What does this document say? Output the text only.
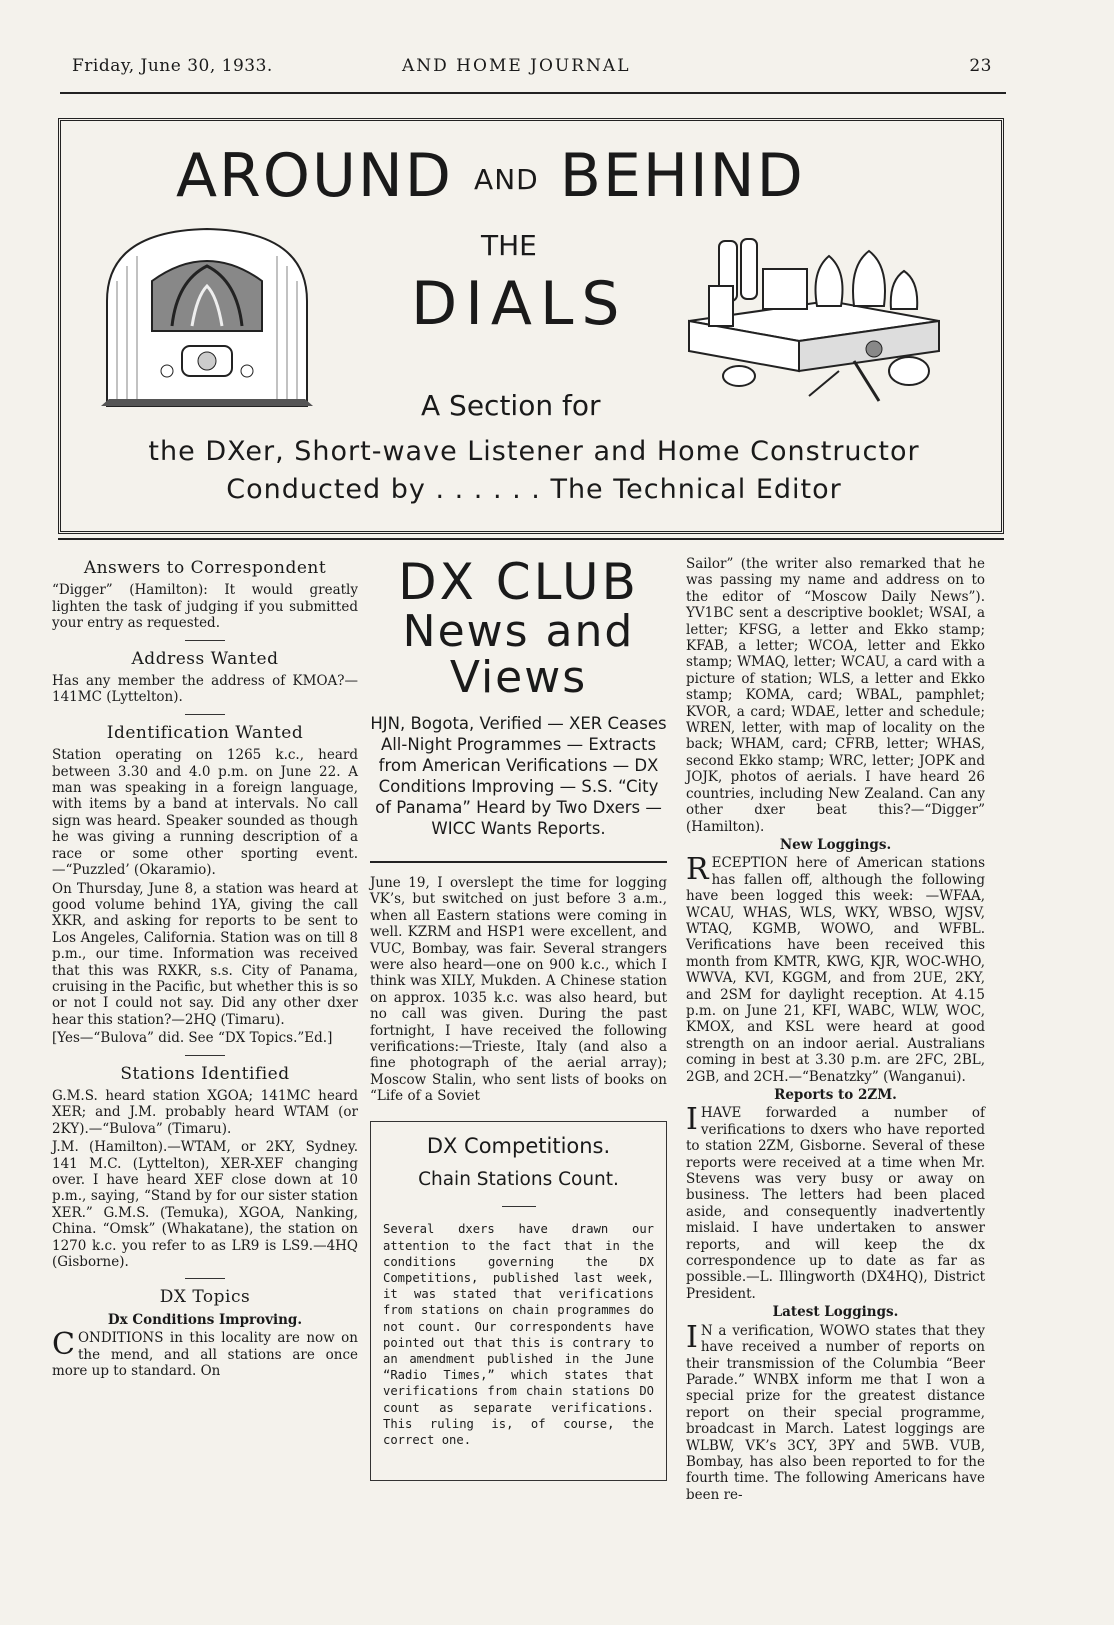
Friday, June 30, 1933.	AND HOME JOURNAL	23
AROUND AND BEHIND
THE
DIALS
A Section for
the DXer, Short-wave Listener and Home Constructor
Conducted by . . . . . . The Technical Editor
Answers to Correspondent

“Digger” (Hamilton): It would greatly lighten the task of judging if you submitted your entry as requested.

Address Wanted

Has any member the address of KMOA?—141MC (Lyttelton).

Identification Wanted

Station operating on 1265 k.c., heard between 3.30 and 4.0 p.m. on June 22. A man was speaking in a foreign language, with items by a band at intervals. No call sign was heard. Speaker sounded as though he was giving a running description of a race or some other sporting event.—“Puzzled’ (Okaramio).

On Thursday, June 8, a station was heard at good volume behind 1YA, giving the call XKR, and asking for reports to be sent to Los Angeles, California. Station was on till 8 p.m., our time. Information was received that this was RXKR, s.s. City of Panama, cruising in the Pacific, but whether this is so or not I could not say. Did any other dxer hear this station?—2HQ (Timaru).

[Yes—“Bulova” did. See “DX Topics.”Ed.]

Stations Identified

G.M.S. heard station XGOA; 141MC heard XER; and J.M. probably heard WTAM (or 2KY).—“Bulova” (Timaru).

J.M. (Hamilton).—WTAM, or 2KY, Sydney. 141 M.C. (Lyttelton), XER-XEF changing over. I have heard XEF close down at 10 p.m., saying, “Stand by for our sister station XER.” G.M.S. (Temuka), XGOA, Nanking, China. “Omsk” (Whakatane), the station on 1270 k.c. you refer to as LR9 is LS9.—4HQ (Gisborne).

DX Topics
Dx Conditions Improving.

CONDITIONS in this locality are now on the mend, and all stations are once more up to standard. On

DX CLUB
News and
Views
HJN, Bogota, Verified — XER Ceases All-Night Programmes — Extracts from American Verifications — DX Conditions Improving — S.S. “City of Panama” Heard by Two Dxers — WICC Wants Reports.

June 19, I overslept the time for logging VK’s, but switched on just before 3 a.m., when all Eastern stations were coming in well. KZRM and HSP1 were excellent, and VUC, Bombay, was fair. Several strangers were also heard—one on 900 k.c., which I think was XILY, Mukden. A Chinese station on approx. 1035 k.c. was also heard, but no call was given. During the past fortnight, I have received the following verifications:—Trieste, Italy (and also a fine photograph of the aerial array); Moscow Stalin, who sent lists of books on “Life of a Soviet

DX Competitions.
Chain Stations Count.

Several dxers have drawn our attention to the fact that in the conditions governing the DX Competitions, published last week, it was stated that verifications from stations on chain programmes do not count. Our correspondents have pointed out that this is contrary to an amendment published in the June “Radio Times,” which states that verifications from chain stations DO count as separate verifications. This ruling is, of course, the correct one.

Sailor” (the writer also remarked that he was passing my name and address on to the editor of “Moscow Daily News”). YV1BC sent a descriptive booklet; WSAI, a letter; KFSG, a letter and Ekko stamp; KFAB, a letter; WCOA, letter and Ekko stamp; WMAQ, letter; WCAU, a card with a picture of station; WLS, a letter and Ekko stamp; KOMA, card; WBAL, pamphlet; KVOR, a card; WDAE, letter and schedule; WREN, letter, with map of locality on the back; WHAM, card; CFRB, letter; WHAS, second Ekko stamp; WRC, letter; JOPK and JOJK, photos of aerials. I have heard 26 countries, including New Zealand. Can any other dxer beat this?—“Digger” (Hamilton).

New Loggings.

RECEPTION here of American stations has fallen off, although the following have been logged this week: —WFAA, WCAU, WHAS, WLS, WKY, WBSO, WJSV, WTAQ, KGMB, WOWO, and WFBL. Verifications have been received this month from KMTR, KWG, KJR, WOC-WHO, WWVA, KVI, KGGM, and from 2UE, 2KY, and 2SM for daylight reception. At 4.15 p.m. on June 21, KFI, WABC, WLW, WOC, KMOX, and KSL were heard at good strength on an indoor aerial. Australians coming in best at 3.30 p.m. are 2FC, 2BL, 2GB, and 2CH.—“Benatzky” (Wanganui).

Reports to 2ZM.

IHAVE forwarded a number of verifications to dxers who have reported to station 2ZM, Gisborne. Several of these reports were received at a time when Mr. Stevens was very busy or away on business. The letters had been placed aside, and consequently inadvertently mislaid. I have undertaken to answer reports, and will keep the dx correspondence up to date as far as possible.—L. Illingworth (DX4HQ), District President.

Latest Loggings.

I N a verification, WOWO states that they have received a number of reports on their transmission of the Columbia “Beer Parade.” WNBX inform me that I won a special prize for the greatest distance report on their special programme, broadcast in March. Latest loggings are WLBW, VK’s 3CY, 3PY and 5WB. VUB, Bombay, has also been reported to for the fourth time. The following Americans have been re-
